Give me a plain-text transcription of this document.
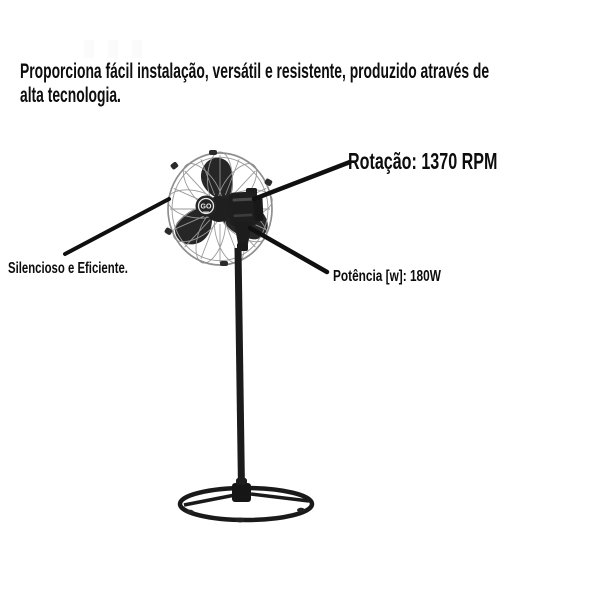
Proporciona fácil instalação, versátil e resistente, produzido através de
alta tecnologia.
Rotação: 1370 RPM
Silencioso e Eficiente.	Potência [w]: 180W
GO
